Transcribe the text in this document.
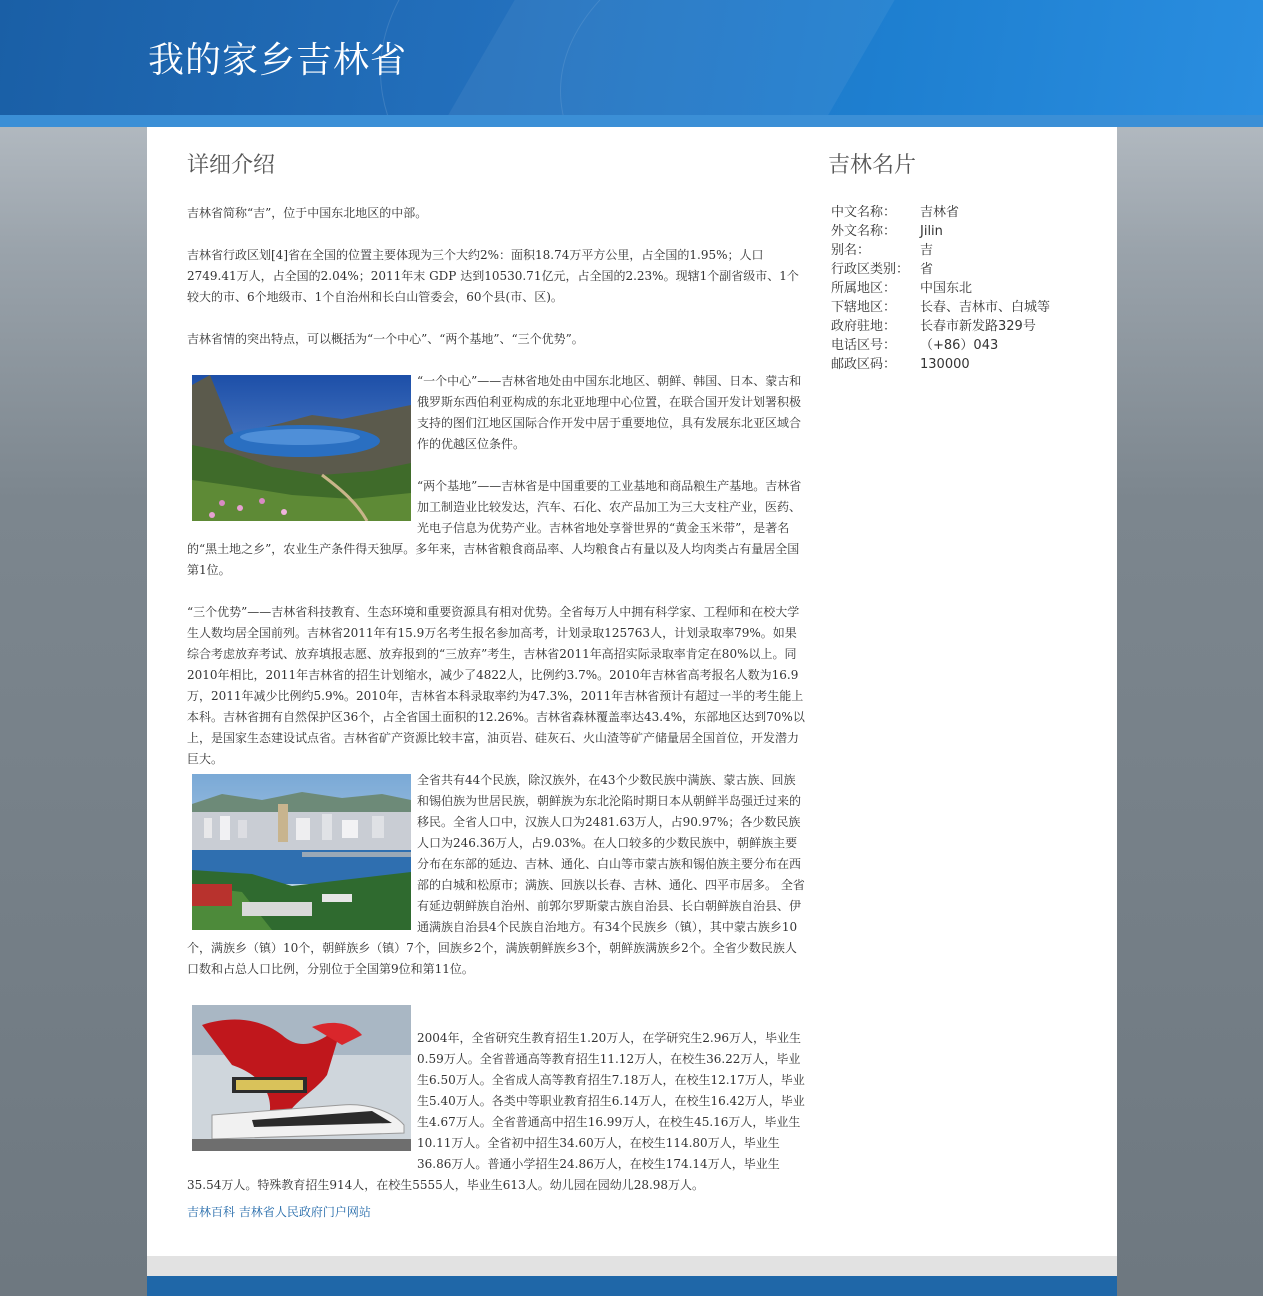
我的家乡吉林省
详细介绍

吉林省简称“吉”，位于中国东北地区的中部。

吉林省行政区划[4]省在全国的位置主要体现为三个大约2%：面积18.74万平方公里，占全国的1.95%；人口2749.41万人，占全国的2.04%；2011年末 GDP 达到10530.71亿元，占全国的2.23%。现辖1个副省级市、1个较大的市、6个地级市、1个自治州和长白山管委会，60个县(市、区)。

吉林省情的突出特点，可以概括为“一个中心”、“两个基地”、“三个优势”。

“一个中心”——吉林省地处由中国东北地区、朝鲜、韩国、日本、蒙古和俄罗斯东西伯利亚构成的东北亚地理中心位置，在联合国开发计划署积极支持的图们江地区国际合作开发中居于重要地位，具有发展东北亚区域合作的优越区位条件。

“两个基地”——吉林省是中国重要的工业基地和商品粮生产基地。吉林省加工制造业比较发达，汽车、石化、农产品加工为三大支柱产业，医药、光电子信息为优势产业。吉林省地处享誉世界的“黄金玉米带”，是著名的“黑土地之乡”，农业生产条件得天独厚。多年来，吉林省粮食商品率、人均粮食占有量以及人均肉类占有量居全国第1位。

“三个优势”——吉林省科技教育、生态环境和重要资源具有相对优势。全省每万人中拥有科学家、工程师和在校大学生人数均居全国前列。吉林省2011年有15.9万名考生报名参加高考，计划录取125763人，计划录取率79%。如果综合考虑放弃考试、放弃填报志愿、放弃报到的“三放弃”考生，吉林省2011年高招实际录取率肯定在80%以上。同2010年相比，2011年吉林省的招生计划缩水，减少了4822人，比例约3.7%。2010年吉林省高考报名人数为16.9万，2011年减少比例约5.9%。2010年，吉林省本科录取率约为47.3%，2011年吉林省预计有超过一半的考生能上本科。吉林省拥有自然保护区36个，占全省国土面积的12.26%。吉林省森林覆盖率达43.4%，东部地区达到70%以上，是国家生态建设试点省。吉林省矿产资源比较丰富，油页岩、硅灰石、火山渣等矿产储量居全国首位，开发潜力巨大。

全省共有44个民族，除汉族外，在43个少数民族中满族、蒙古族、回族和锡伯族为世居民族，朝鲜族为东北沦陷时期日本从朝鲜半岛强迁过来的移民。全省人口中，汉族人口为2481.63万人，占90.97%；各少数民族人口为246.36万人，占9.03%。在人口较多的少数民族中，朝鲜族主要分布在东部的延边、吉林、通化、白山等市蒙古族和锡伯族主要分布在西部的白城和松原市；满族、回族以长春、吉林、通化、四平市居多。 全省有延边朝鲜族自治州、前郭尔罗斯蒙古族自治县、长白朝鲜族自治县、伊通满族自治县4个民族自治地方。有34个民族乡（镇），其中蒙古族乡10个，满族乡（镇）10个，朝鲜族乡（镇）7个，回族乡2个，满族朝鲜族乡3个，朝鲜族满族乡2个。全省少数民族人口数和占总人口比例，分别位于全国第9位和第11位。

2004年，全省研究生教育招生1.20万人，在学研究生2.96万人，毕业生0.59万人。全省普通高等教育招生11.12万人，在校生36.22万人，毕业生6.50万人。全省成人高等教育招生7.18万人，在校生12.17万人，毕业生5.40万人。各类中等职业教育招生6.14万人，在校生16.42万人，毕业生4.67万人。全省普通高中招生16.99万人，在校生45.16万人，毕业生10.11万人。全省初中招生34.60万人，在校生114.80万人，毕业生36.86万人。普通小学招生24.86万人，在校生174.14万人，毕业生35.54万人。特殊教育招生914人，在校生5555人，毕业生613人。幼儿园在园幼儿28.98万人。

吉林百科 吉林省人民政府门户网站
吉林名片
中文名称： 吉林省
外文名称： Jilin
别名：	吉
行政区类别： 省
所属地区： 中国东北
下辖地区： 长春、吉林市、白城等
政府驻地： 长春市新发路329号
电话区号： （+86）043
邮政区码： 130000
